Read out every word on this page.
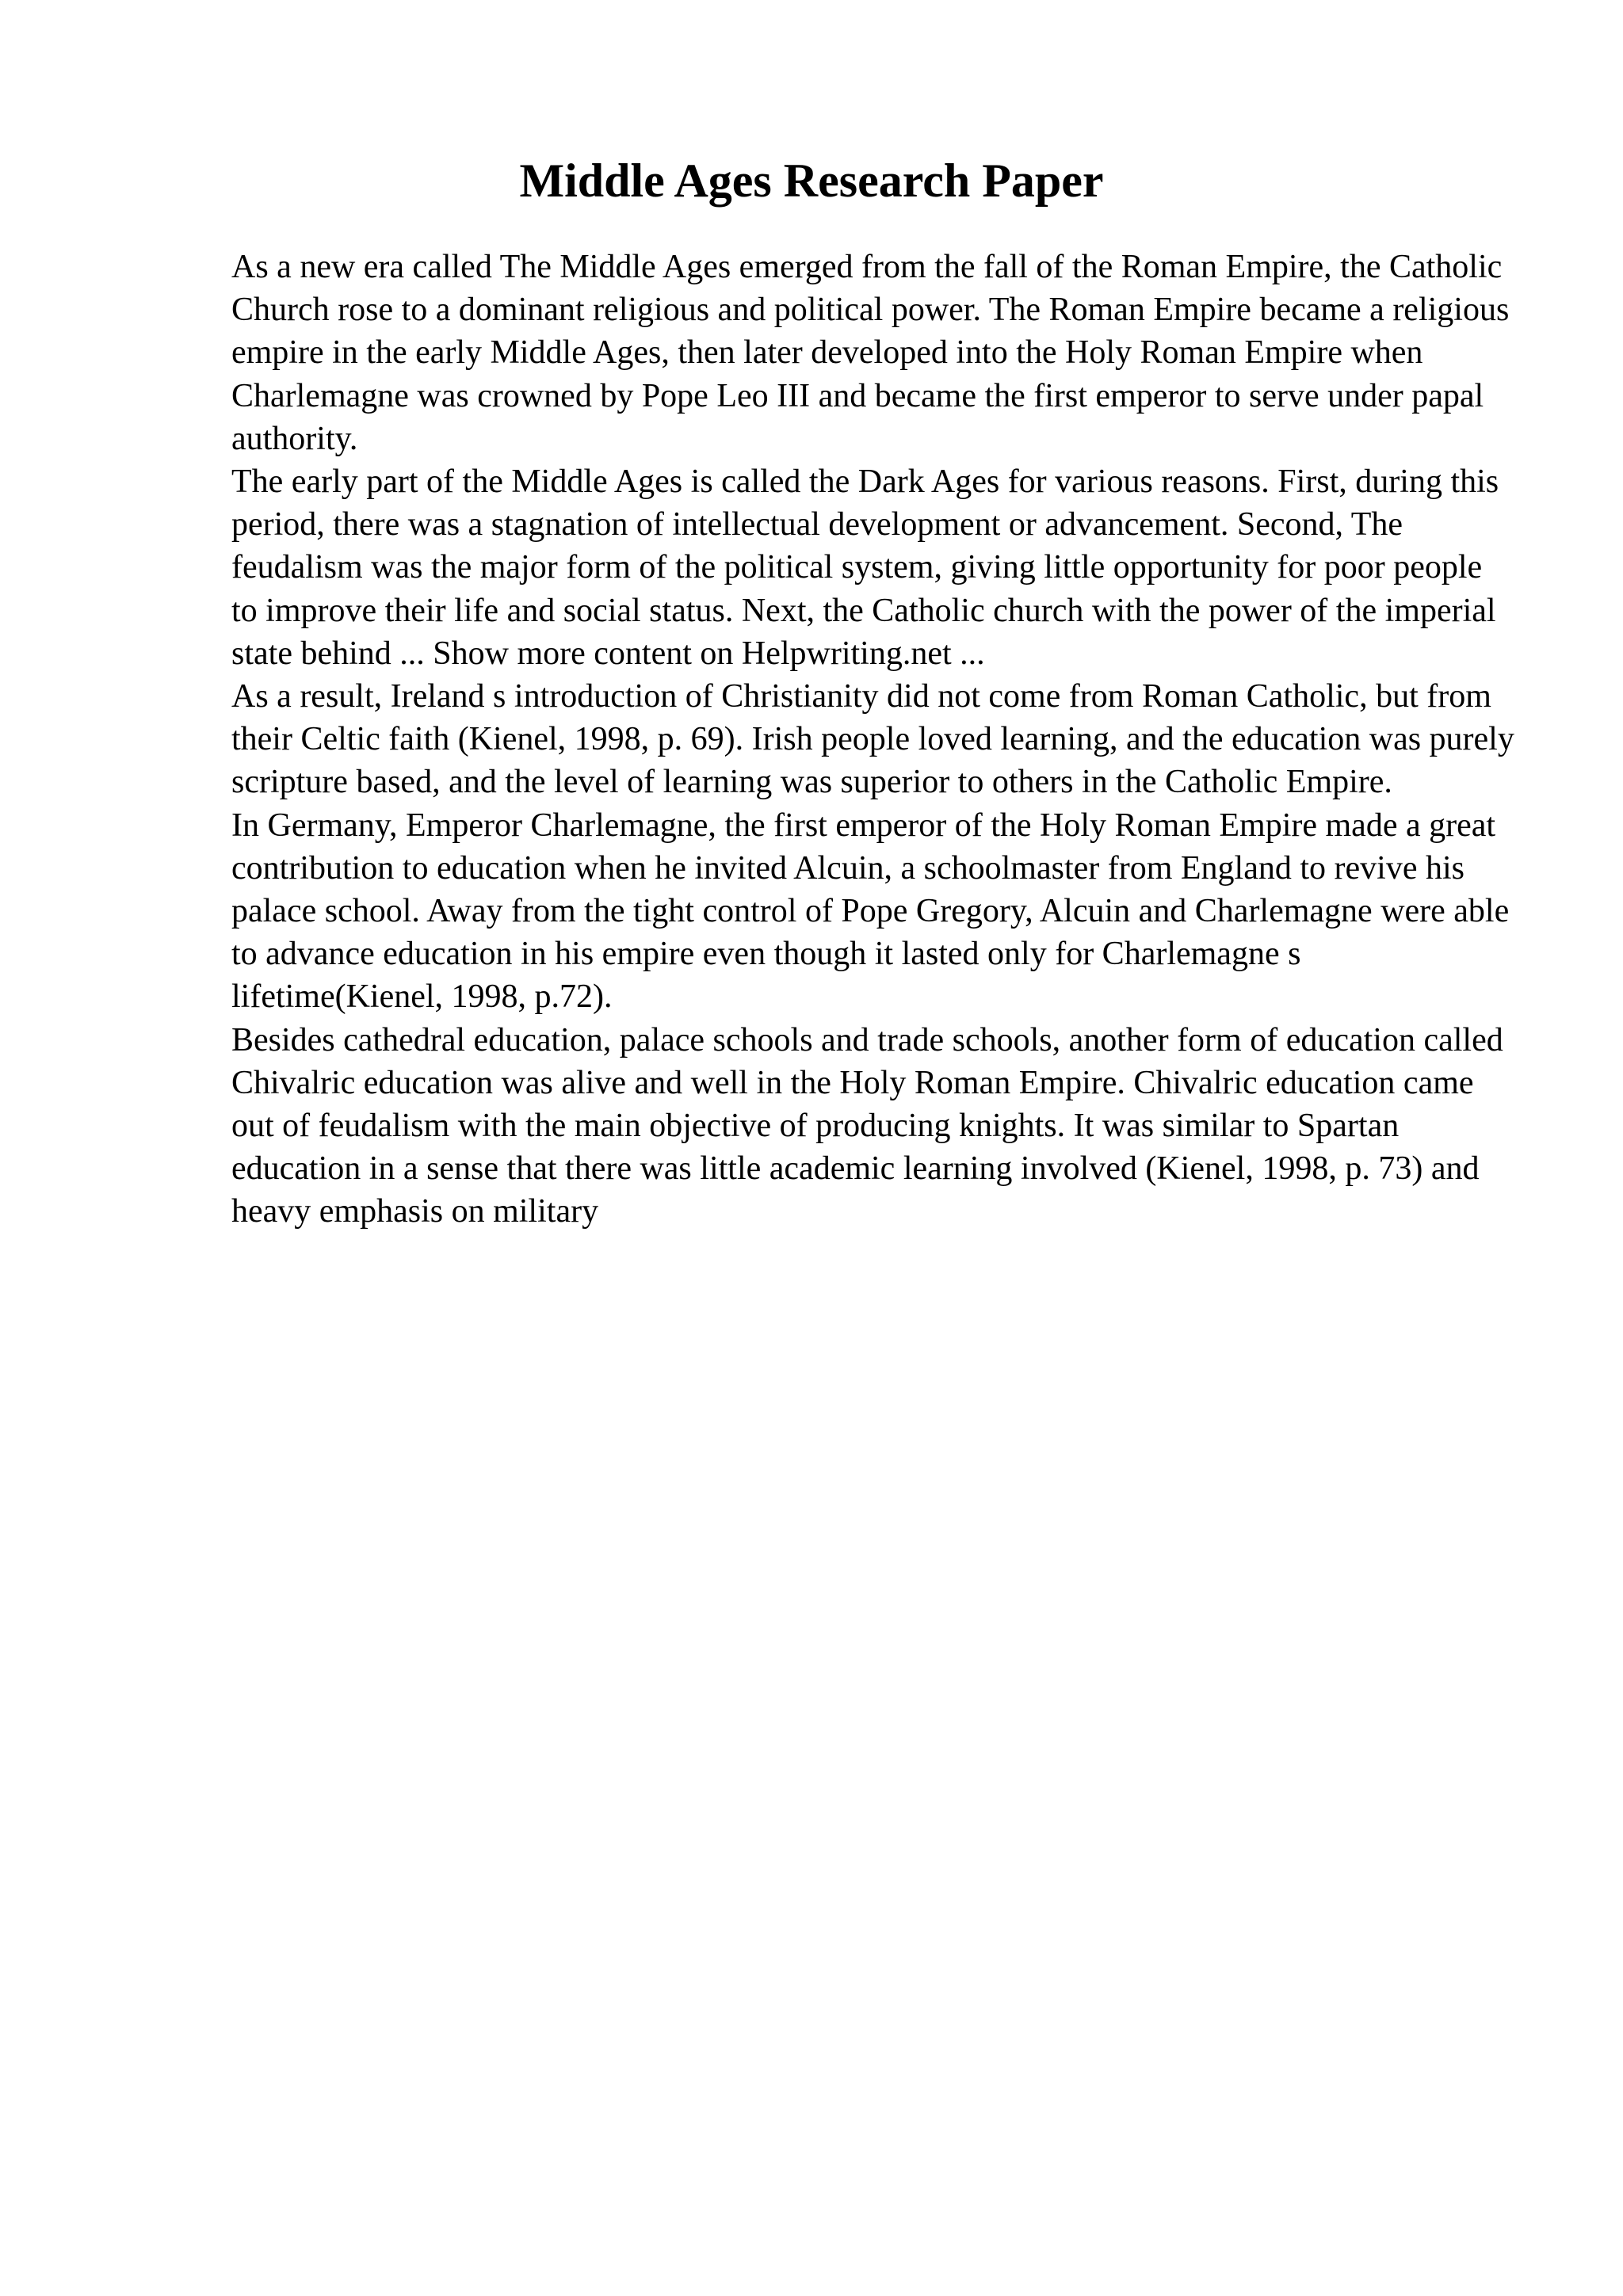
Middle Ages Research Paper

As a new era called The Middle Ages emerged from the fall of the Roman Empire, the Catholic Church rose to a dominant religious and political power. The Roman Empire became a religious empire in the early Middle Ages, then later developed into the Holy Roman Empire when Charlemagne was crowned by Pope Leo III and became the first emperor to serve under papal authority.

The early part of the Middle Ages is called the Dark Ages for various reasons. First, during this period, there was a stagnation of intellectual development or advancement. Second, The feudalism was the major form of the political system, giving little opportunity for poor people to improve their life and social status. Next, the Catholic church with the power of the imperial state behind ... Show more content on Helpwriting.net ...

As a result, Ireland s introduction of Christianity did not come from Roman Catholic, but from their Celtic faith (Kienel, 1998, p. 69). Irish people loved learning, and the education was purely scripture based, and the level of learning was superior to others in the Catholic Empire.

In Germany, Emperor Charlemagne, the first emperor of the Holy Roman Empire made a great contribution to education when he invited Alcuin, a schoolmaster from England to revive his palace school. Away from the tight control of Pope Gregory, Alcuin and Charlemagne were able to advance education in his empire even though it lasted only for Charlemagne s lifetime(Kienel, 1998, p.72).

Besides cathedral education, palace schools and trade schools, another form of education called Chivalric education was alive and well in the Holy Roman Empire. Chivalric education came out of feudalism with the main objective of producing knights. It was similar to Spartan education in a sense that there was little academic learning involved (Kienel, 1998, p. 73) and heavy emphasis on military
